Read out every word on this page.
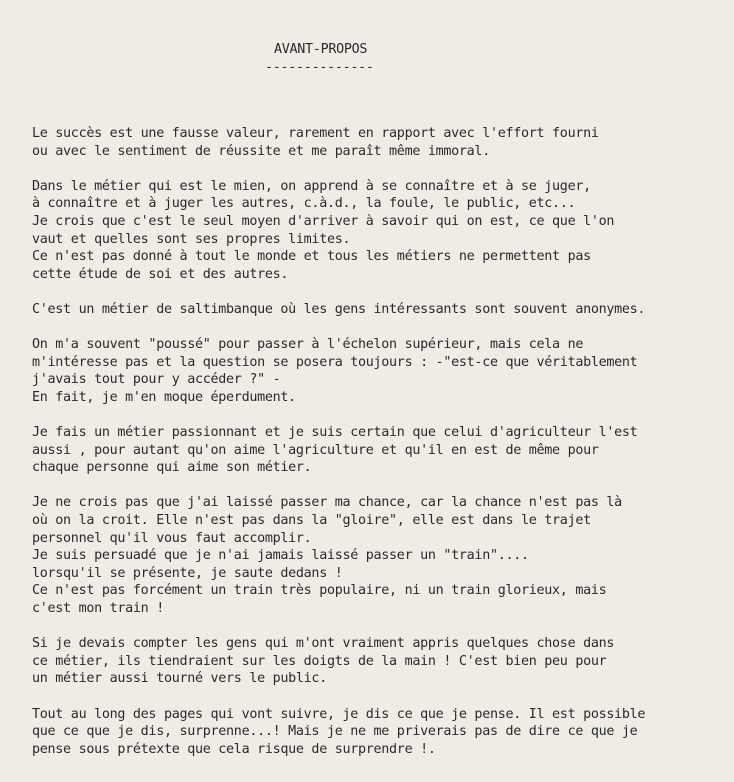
AVANT-PROPOS
--------------
Le succès est une fausse valeur, rarement en rapport avec l'effort fourni
ou avec le sentiment de réussite et me paraît même immoral.
Dans le métier qui est le mien, on apprend à se connaître et à se juger,
à connaître et à juger les autres, c.à.d., la foule, le public, etc...
Je crois que c'est le seul moyen d'arriver à savoir qui on est, ce que l'on
vaut et quelles sont ses propres limites.
Ce n'est pas donné à tout le monde et tous les métiers ne permettent pas
cette étude de soi et des autres.
C'est un métier de saltimbanque où les gens intéressants sont souvent anonymes.
On m'a souvent "poussé" pour passer à l'échelon supérieur, mais cela ne
m'intéresse pas et la question se posera toujours : -"est-ce que véritablement
j'avais tout pour y accéder ?" -
En fait, je m'en moque éperdument.
Je fais un métier passionnant et je suis certain que celui d'agriculteur l'est
aussi , pour autant qu'on aime l'agriculture et qu'il en est de même pour
chaque personne qui aime son métier.
Je ne crois pas que j'ai laissé passer ma chance, car la chance n'est pas là
où on la croit. Elle n'est pas dans la "gloire", elle est dans le trajet
personnel qu'il vous faut accomplir.
Je suis persuadé que je n'ai jamais laissé passer un "train"....
lorsqu'il se présente, je saute dedans !
Ce n'est pas forcément un train très populaire, ni un train glorieux, mais
c'est mon train !
Si je devais compter les gens qui m'ont vraiment appris quelques chose dans
ce métier, ils tiendraient sur les doigts de la main ! C'est bien peu pour
un métier aussi tourné vers le public.
Tout au long des pages qui vont suivre, je dis ce que je pense. Il est possible
que ce que je dis, surprenne...! Mais je ne me priverais pas de dire ce que je
pense sous prétexte que cela risque de surprendre !.
